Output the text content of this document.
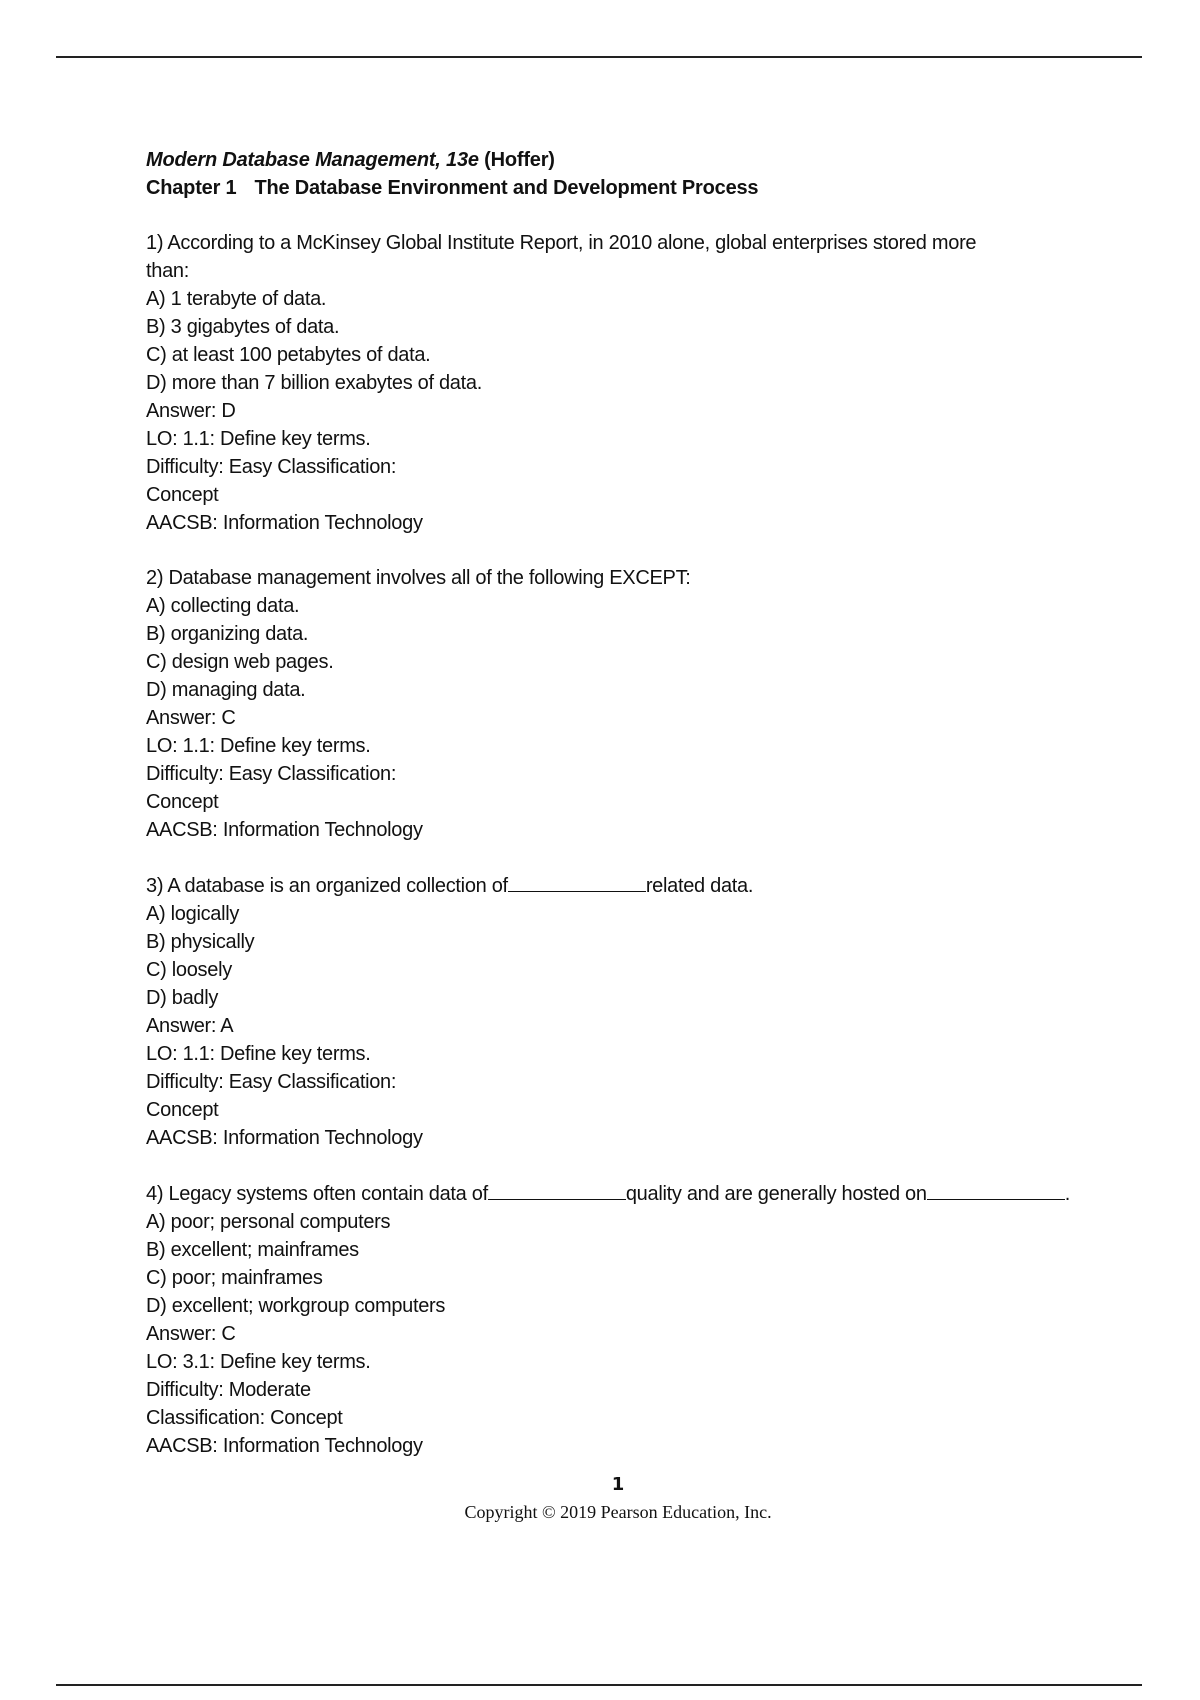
Modern Database Management, 13e (Hoffer)
Chapter 1 The Database Environment and Development Process
1) According to a McKinsey Global Institute Report, in 2010 alone, global enterprises stored more than:
A) 1 terabyte of data.
B) 3 gigabytes of data.
C) at least 100 petabytes of data.
D) more than 7 billion exabytes of data.
Answer: D
LO: 1.1: Define key terms.
Difficulty: Easy Classification:
Concept
AACSB: Information Technology
2) Database management involves all of the following EXCEPT:
A) collecting data.
B) organizing data.
C) design web pages.
D) managing data.
Answer: C
LO: 1.1: Define key terms.
Difficulty: Easy Classification:
Concept
AACSB: Information Technology
3) A database is an organized collection of	related data.
A) logically
B) physically
C) loosely
D) badly
Answer: A
LO: 1.1: Define key terms.
Difficulty: Easy Classification:
Concept
AACSB: Information Technology
4) Legacy systems often contain data of	quality and are generally hosted on	.
A) poor; personal computers
B) excellent; mainframes
C) poor; mainframes
D) excellent; workgroup computers
Answer: C
LO: 3.1: Define key terms.
Difficulty: Moderate
Classification: Concept
AACSB: Information Technology
1
Copyright © 2019 Pearson Education, Inc.
